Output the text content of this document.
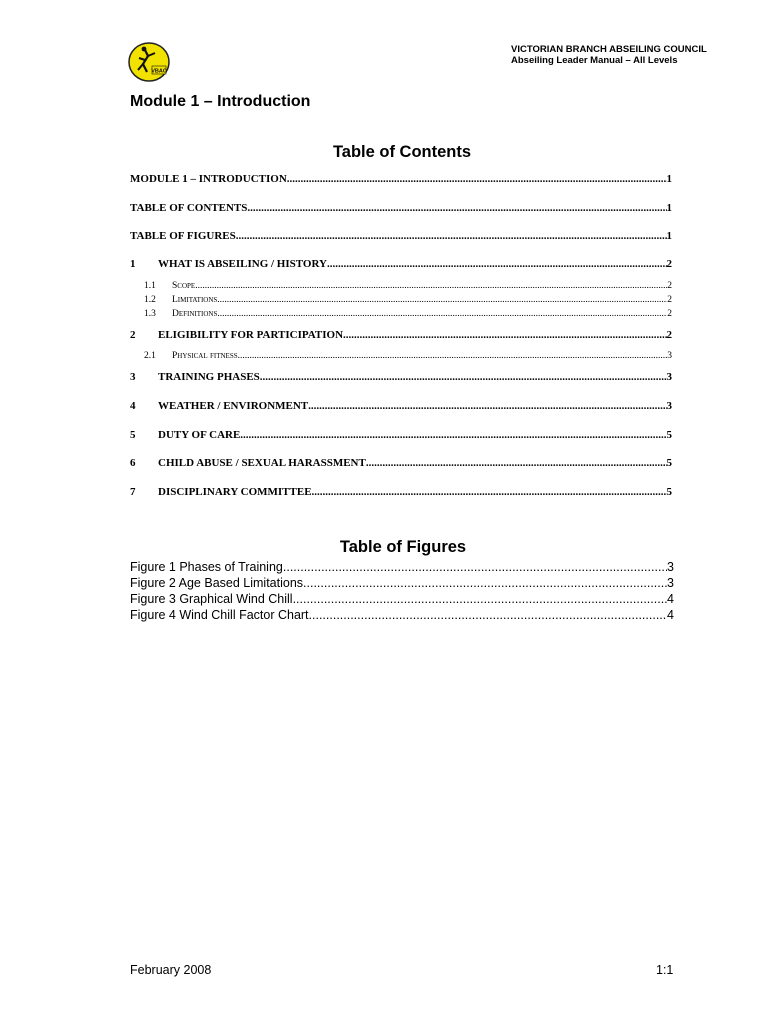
VBAC
VICTORIAN BRANCH ABSEILING COUNCIL
Abseiling Leader Manual – All Levels
Module 1 – Introduction
Table of Contents
MODULE 1 – INTRODUCTION .....	1
TABLE OF CONTENTS .....	1
TABLE OF FIGURES .....	1
1	WHAT IS ABSEILING / HISTORY .....	2
1.1	Scope .....	2
1.2	Limitations .....	2
1.3	Definitions .....	2
2	ELIGIBILITY FOR PARTICIPATION .....	2
2.1	Physical fitness .....	3
3	TRAINING PHASES .....	3
4	WEATHER / ENVIRONMENT .....	3
5	DUTY OF CARE .....	5
6	CHILD ABUSE / SEXUAL HARASSMENT .....	5
7	DISCIPLINARY COMMITTEE .....	5
Table of Figures
Figure 1 Phases of Training .....	3
Figure 2 Age Based Limitations .....	3
Figure 3 Graphical Wind Chill .....	4
Figure 4 Wind Chill Factor Chart .....	4
February 2008	1:1
